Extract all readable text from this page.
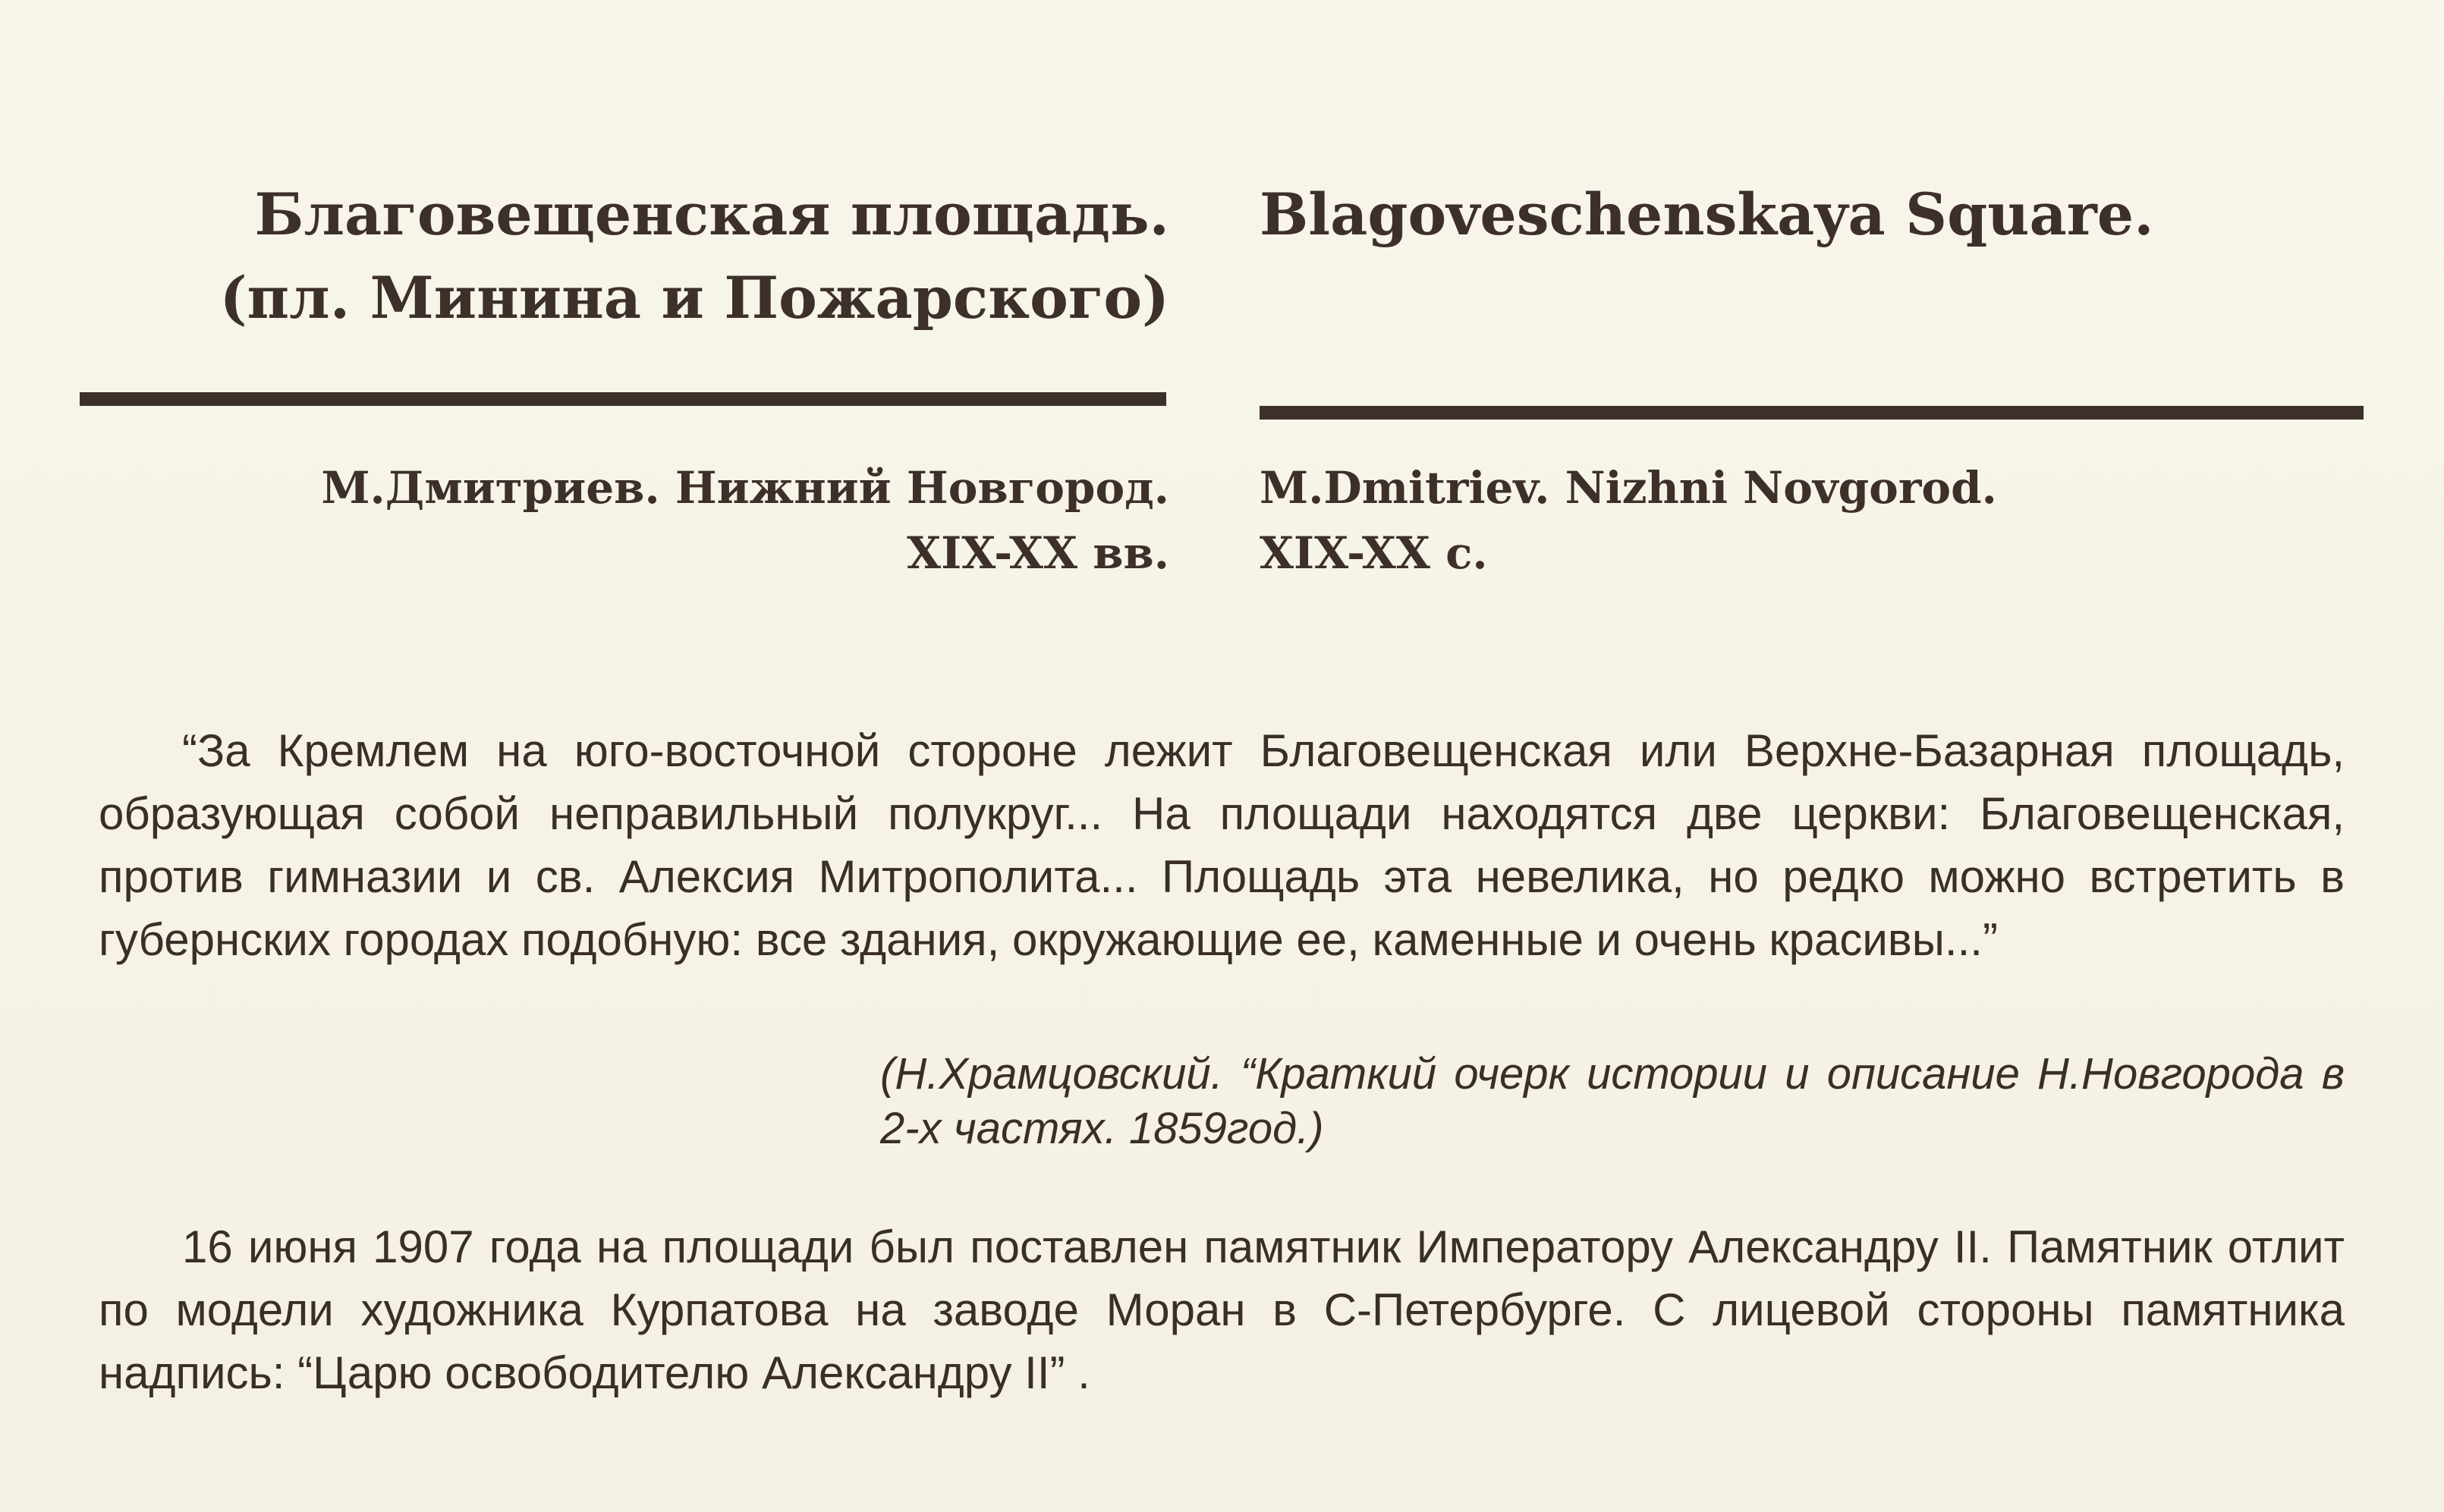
Благовещенская площадь.
(пл. Минина и Пожарского)
Blagoveschenskaya Square.
М.Дмитриев. Нижний Новгород.
XIX-XX вв.
M.Dmitriev. Nizhni Novgorod.
XIX-XX c.
“За Кремлем на юго-восточной стороне лежит Благовещенская или Верхне-Базарная площадь, образующая собой неправильный полукруг... На площади находятся две церкви: Благовещенская, против гимназии и св. Алексия Митрополита... Площадь эта невелика, но редко можно встретить в губернских городах подобную: все здания, окружающие ее, каменные и очень красивы...”
(Н.Храмцовский. “Краткий очерк истории и описание Н.Новгорода в 2-х частях. 1859год.)
16 июня 1907 года на площади был поставлен памятник Императору Александру II. Памятник отлит по модели художника Курпатова на заводе Моран в С-Петербурге. С лицевой стороны памятника надпись: “Царю освободителю Александру II” .
